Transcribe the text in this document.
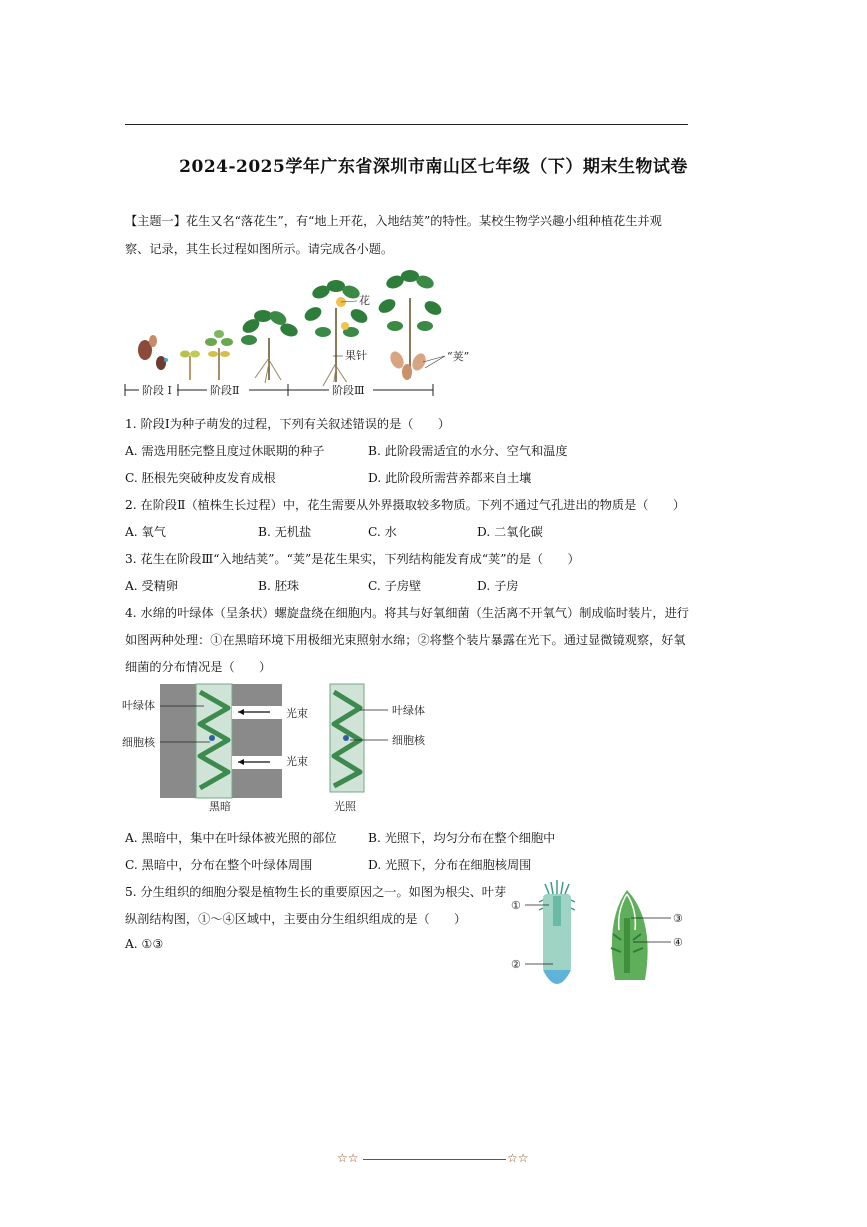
2024-2025学年广东省深圳市南山区七年级（下）期末生物试卷
【主题一】花生又名“落花生”，有“地上开花，入地结荚”的特性。某校生物学兴趣小组种植花生并观
察、记录，其生长过程如图所示。请完成各小题。
阶段 Ⅰ	阶段Ⅱ	阶段Ⅲ
花
果针	“荚”
1. 阶段Ⅰ为种子萌发的过程，下列有关叙述错误的是（　　）
A. 需选用胚完整且度过休眠期的种子	B. 此阶段需适宜的水分、空气和温度
C. 胚根先突破种皮发育成根	D. 此阶段所需营养都来自土壤
2. 在阶段Ⅱ（植株生长过程）中，花生需要从外界摄取较多物质。下列不通过气孔进出的物质是（　　）
A. 氧气	B. 无机盐	C. 水	D. 二氧化碳
3. 花生在阶段Ⅲ“入地结荚”。“荚”是花生果实，下列结构能发育成“荚”的是（　　）
A. 受精卵	B. 胚珠	C. 子房壁	D. 子房
4. 水绵的叶绿体（呈条状）螺旋盘绕在细胞内。将其与好氧细菌（生活离不开氧气）制成临时装片，进行
如图两种处理：①在黑暗环境下用极细光束照射水绵；②将整个装片暴露在光下。通过显微镜观察，好氧
细菌的分布情况是（　　）
叶绿体
细胞核
光束
光束
黑暗
叶绿体
细胞核
光照
A. 黑暗中，集中在叶绿体被光照的部位	B. 光照下，均匀分布在整个细胞中
C. 黑暗中，分布在整个叶绿体周围	D. 光照下，分布在细胞核周围
5. 分生组织的细胞分裂是植物生长的重要原因之一。如图为根尖、叶芽
纵剖结构图，①～④区域中，主要由分生组织组成的是（　　）
A. ①③
①
②
③
④
☆☆	☆☆
